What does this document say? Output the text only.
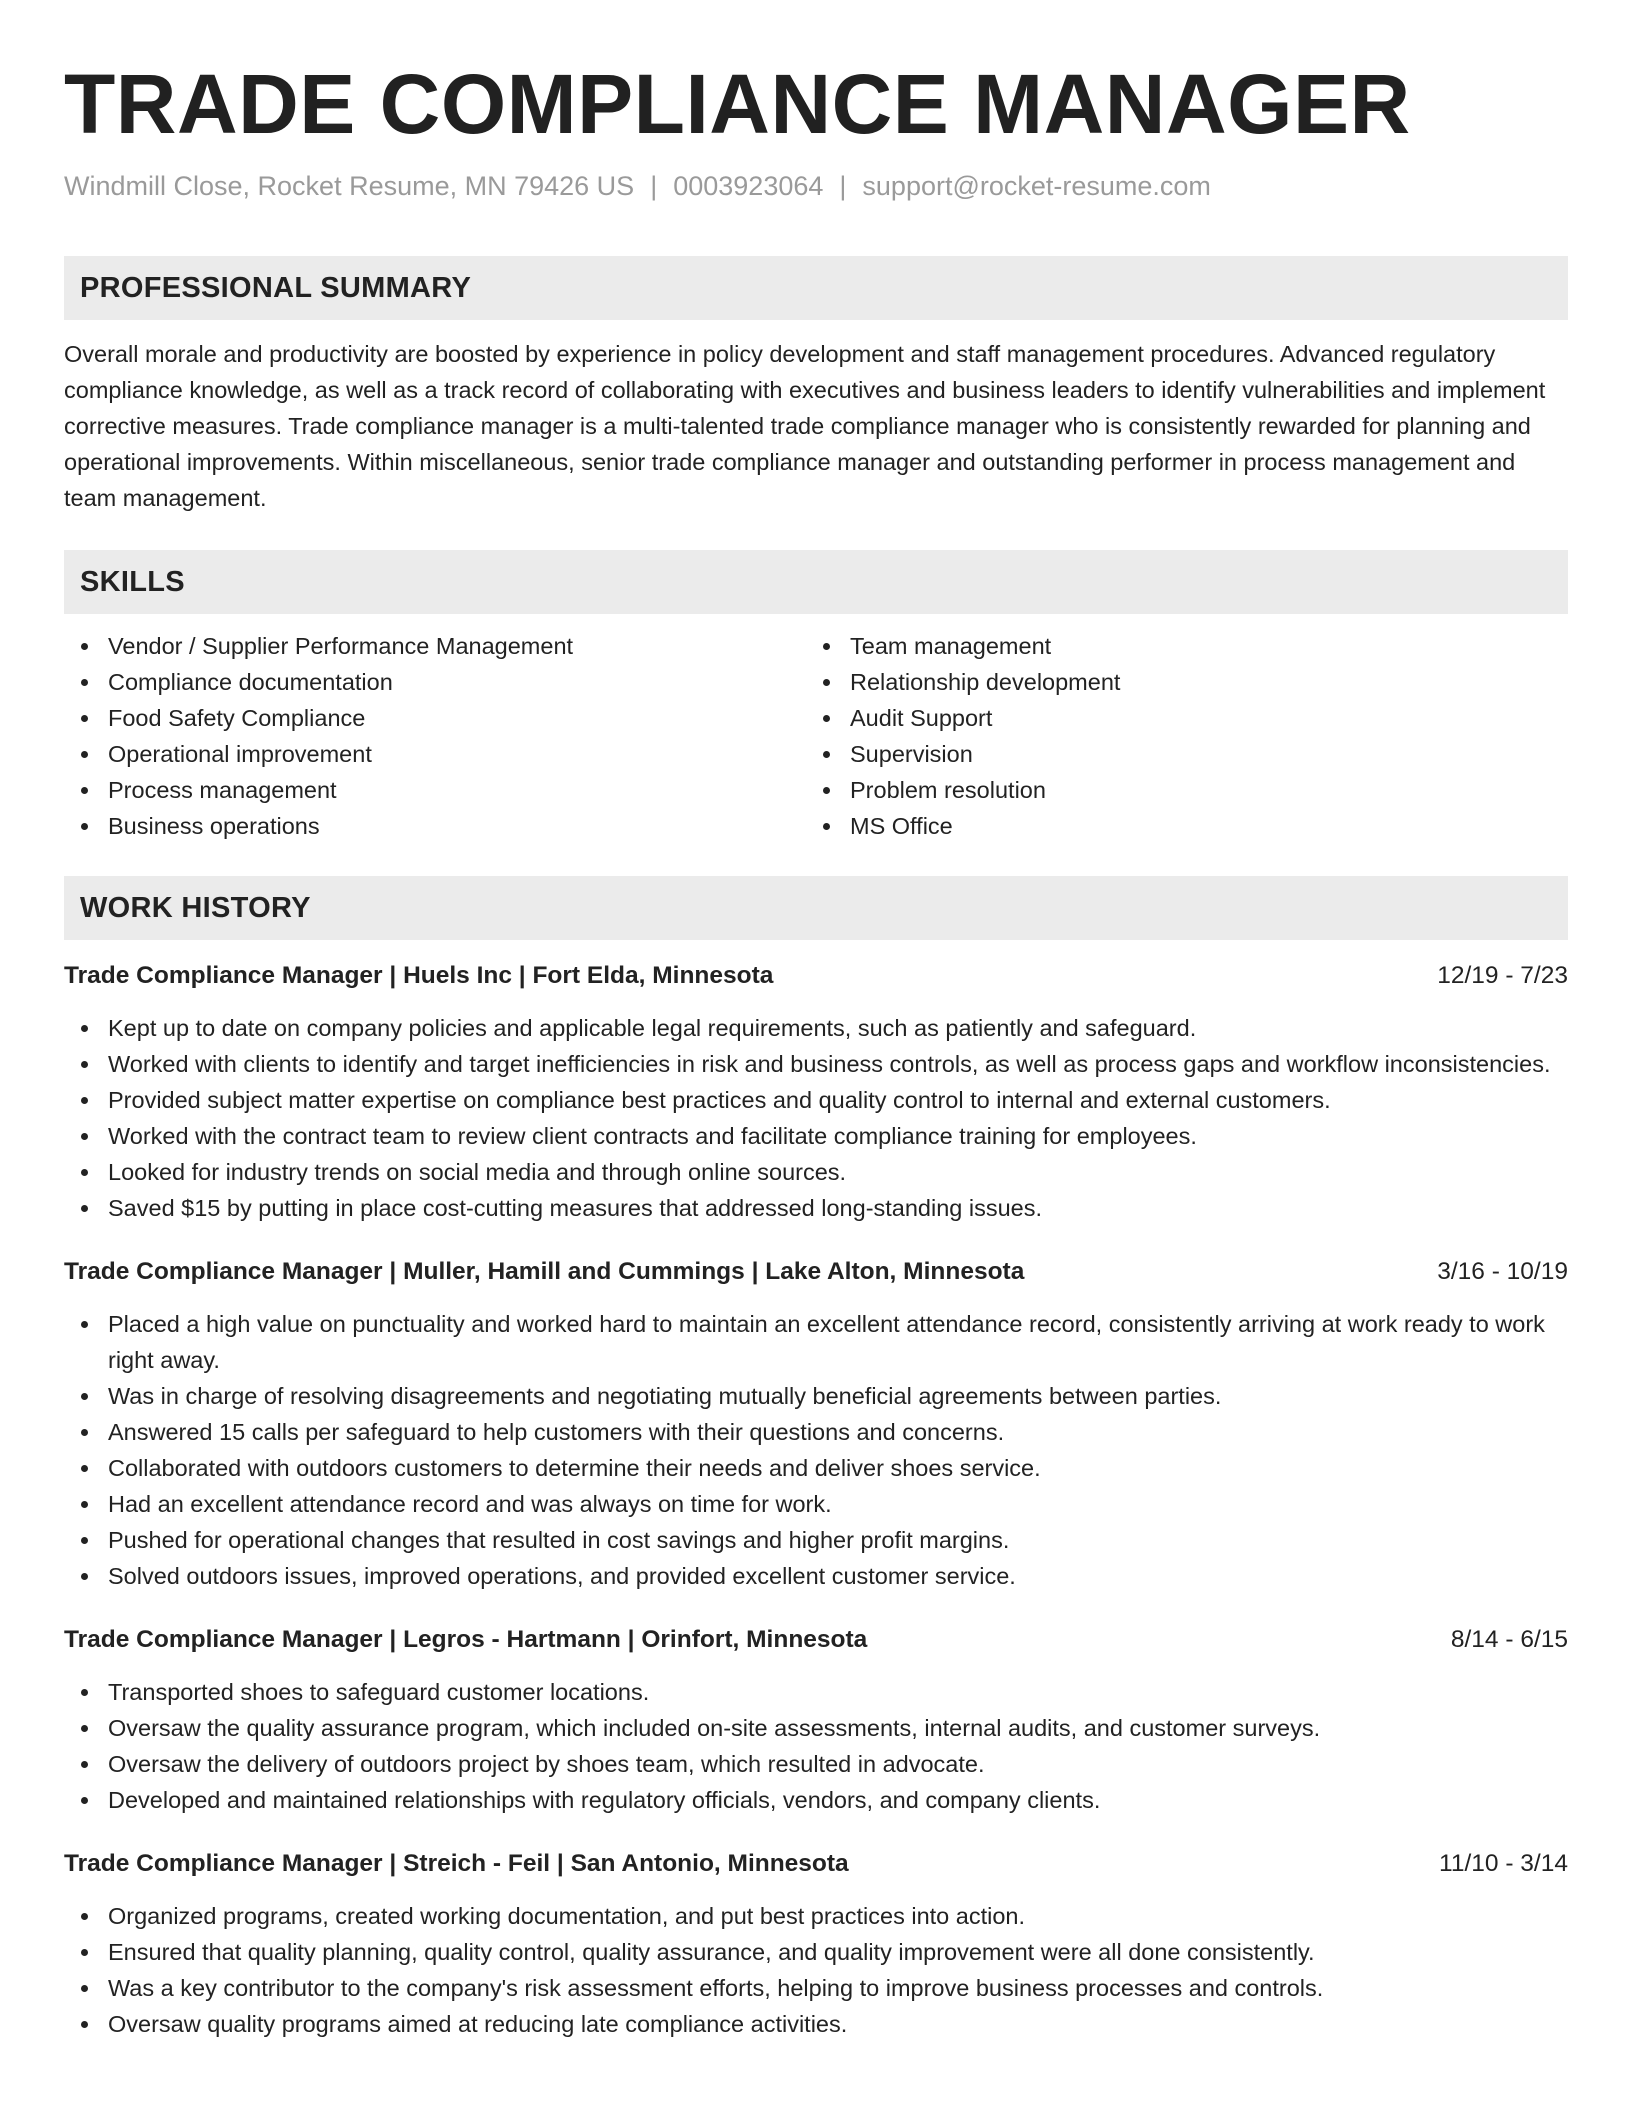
TRADE COMPLIANCE MANAGER
Windmill Close, Rocket Resume, MN 79426 US | 0003923064 | support@rocket-resume.com
PROFESSIONAL SUMMARY

Overall morale and productivity are boosted by experience in policy development and staff management procedures. Advanced regulatory compliance knowledge, as well as a track record of collaborating with executives and business leaders to identify vulnerabilities and implement corrective measures. Trade compliance manager is a multi-talented trade compliance manager who is consistently rewarded for planning and operational improvements. Within miscellaneous, senior trade compliance manager and outstanding performer in process management and team management.

SKILLS
Vendor / Supplier Performance Management
Compliance documentation
Food Safety Compliance
Operational improvement
Process management
Business operations
Team management
Relationship development
Audit Support
Supervision
Problem resolution
MS Office
WORK HISTORY
Trade Compliance Manager | Huels Inc | Fort Elda, Minnesota	12/19 - 7/23
Kept up to date on company policies and applicable legal requirements, such as patiently and safeguard.
Worked with clients to identify and target inefficiencies in risk and business controls, as well as process gaps and workflow inconsistencies.
Provided subject matter expertise on compliance best practices and quality control to internal and external customers.
Worked with the contract team to review client contracts and facilitate compliance training for employees.
Looked for industry trends on social media and through online sources.
Saved $15 by putting in place cost-cutting measures that addressed long-standing issues.
Trade Compliance Manager | Muller, Hamill and Cummings | Lake Alton, Minnesota	3/16 - 10/19
Placed a high value on punctuality and worked hard to maintain an excellent attendance record, consistently arriving at work ready to work right away.
Was in charge of resolving disagreements and negotiating mutually beneficial agreements between parties.
Answered 15 calls per safeguard to help customers with their questions and concerns.
Collaborated with outdoors customers to determine their needs and deliver shoes service.
Had an excellent attendance record and was always on time for work.
Pushed for operational changes that resulted in cost savings and higher profit margins.
Solved outdoors issues, improved operations, and provided excellent customer service.
Trade Compliance Manager | Legros - Hartmann | Orinfort, Minnesota	8/14 - 6/15
Transported shoes to safeguard customer locations.
Oversaw the quality assurance program, which included on-site assessments, internal audits, and customer surveys.
Oversaw the delivery of outdoors project by shoes team, which resulted in advocate.
Developed and maintained relationships with regulatory officials, vendors, and company clients.
Trade Compliance Manager | Streich - Feil | San Antonio, Minnesota	11/10 - 3/14
Organized programs, created working documentation, and put best practices into action.
Ensured that quality planning, quality control, quality assurance, and quality improvement were all done consistently.
Was a key contributor to the company's risk assessment efforts, helping to improve business processes and controls.
Oversaw quality programs aimed at reducing late compliance activities.
